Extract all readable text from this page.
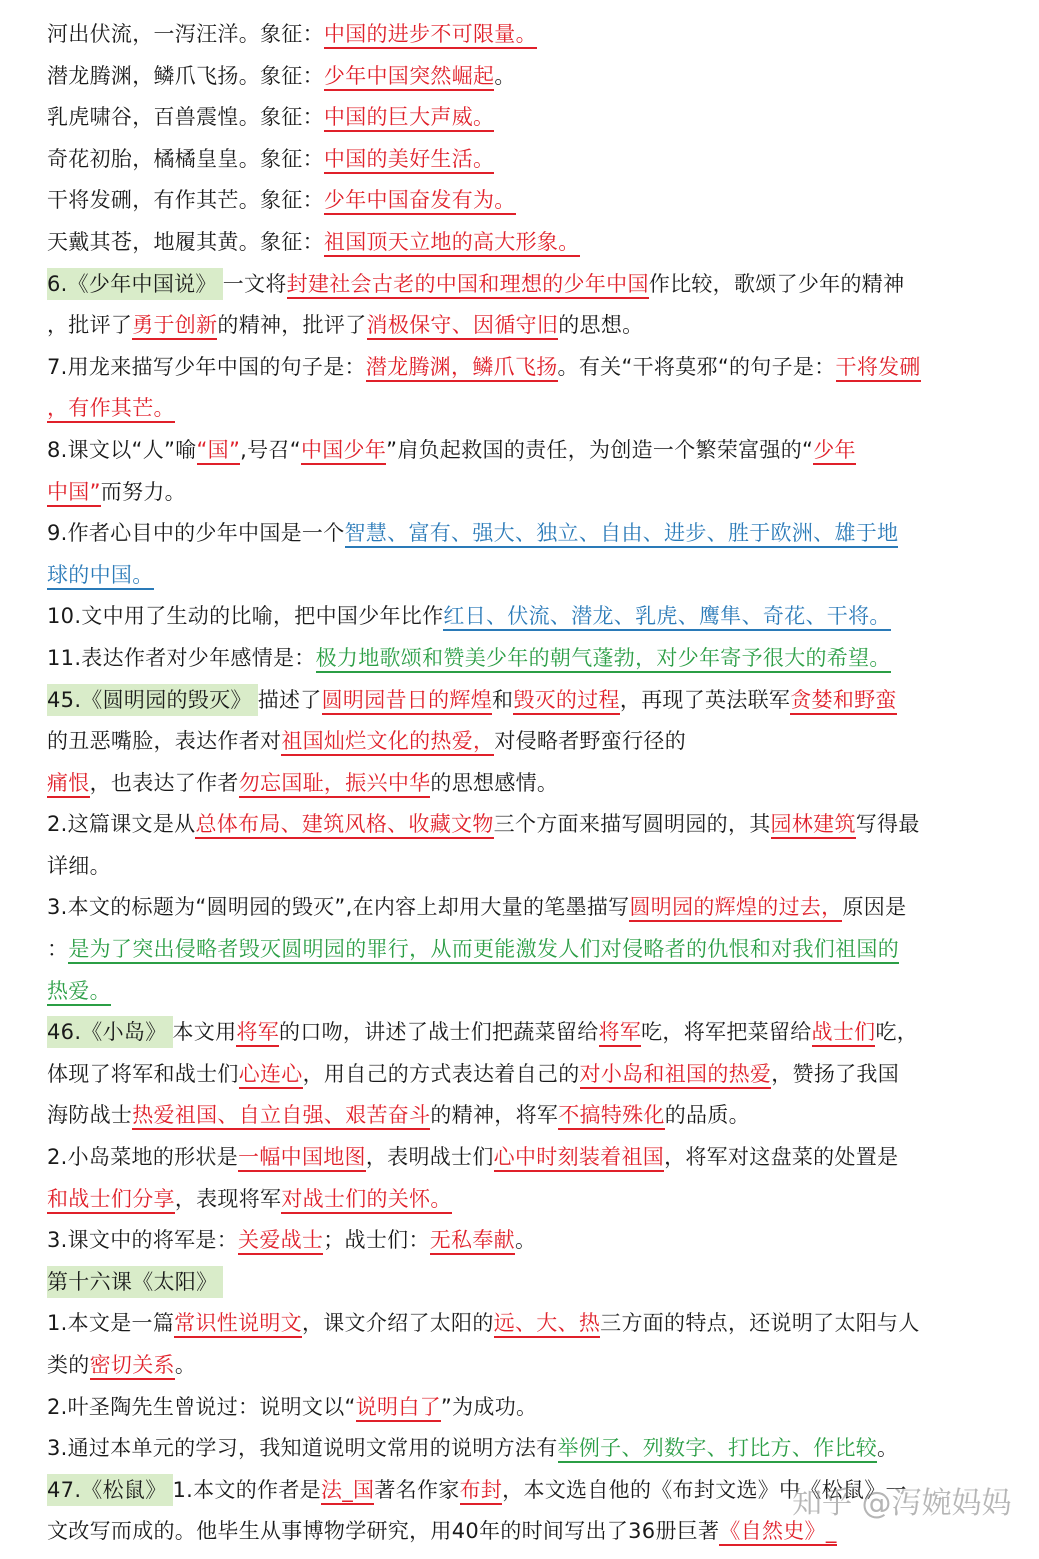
河出伏流，一泻汪洋。象征：中国的进步不可限量。
潜龙腾渊，鳞爪飞扬。象征：少年中国突然崛起。
乳虎啸谷，百兽震惶。象征：中国的巨大声威。
奇花初胎，橘橘皇皇。象征：中国的美好生活。
干将发硎，有作其芒。象征：少年中国奋发有为。
天戴其苍，地履其黄。象征：祖国顶天立地的高大形象。
6.《少年中国说》 一文将封建社会古老的中国和理想的少年中国作比较，歌颂了少年的精神
，批评了勇于创新的精神，批评了消极保守、因循守旧的思想。
7.用龙来描写少年中国的句子是：潜龙腾渊，鳞爪飞扬。有关“干将莫邪“的句子是：干将发硎
，有作其芒。
8.课文以“人”喻“国”,号召“中国少年”肩负起救国的责任，为创造一个繁荣富强的“少年
中国”而努力。
9.作者心目中的少年中国是一个智慧、富有、强大、独立、自由、进步、胜于欧洲、雄于地
球的中国。
10.文中用了生动的比喻，把中国少年比作红日、伏流、潜龙、乳虎、鹰隼、奇花、干将。
11.表达作者对少年感情是：极力地歌颂和赞美少年的朝气蓬勃，对少年寄予很大的希望。
45.《圆明园的毁灭》 描述了圆明园昔日的辉煌和毁灭的过程，再现了英法联军贪婪和野蛮
的丑恶嘴脸，表达作者对祖国灿烂文化的热爱，对侵略者野蛮行径的
痛恨，也表达了作者勿忘国耻，振兴中华的思想感情。
2.这篇课文是从总体布局、建筑风格、收藏文物三个方面来描写圆明园的，其园林建筑写得最
详细。
3.本文的标题为“圆明园的毁灭”,在内容上却用大量的笔墨描写圆明园的辉煌的过去，原因是
：是为了突出侵略者毁灭圆明园的罪行，从而更能激发人们对侵略者的仇恨和对我们祖国的
热爱。
46.《小岛》 本文用将军的口吻，讲述了战士们把蔬菜留给将军吃，将军把菜留给战士们吃，
体现了将军和战士们心连心，用自己的方式表达着自己的对小岛和祖国的热爱，赞扬了我国
海防战士热爱祖国、自立自强、艰苦奋斗的精神，将军不搞特殊化的品质。
2.小岛菜地的形状是一幅中国地图，表明战士们心中时刻装着祖国，将军对这盘菜的处置是
和战士们分享，表现将军对战士们的关怀。
3.课文中的将军是：关爱战士；战士们：无私奉献。
第十六课《太阳》
1.本文是一篇常识性说明文，课文介绍了太阳的远、大、热三方面的特点，还说明了太阳与人
类的密切关系。
2.叶圣陶先生曾说过：说明文以“说明白了”为成功。
3.通过本单元的学习，我知道说明文常用的说明方法有举例子、列数字、打比方、作比较。
47.《松鼠》 1.本文的作者是法_国著名作家布封，本文选自他的《布封文选》中《松鼠》一
文改写而成的。他毕生从事博物学研究，用40年的时间写出了36册巨著《自然史》_
知乎 @泻婉妈妈
